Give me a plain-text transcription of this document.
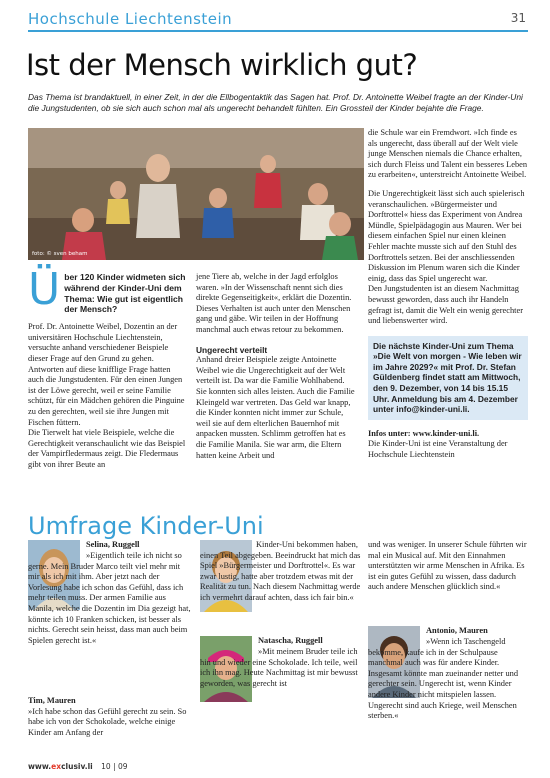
Hochschule Liechtenstein	31
Ist der Mensch wirklich gut?
Das Thema ist brandaktuell, in einer Zeit, in der die Ellbogentaktik das Sagen hat. Prof. Dr. Antoinette Weibel fragte an der Kinder-Uni die Jungstudenten, ob sie sich auch schon mal als ungerecht behandelt fühlten. Ein Grossteil der Kinder bejahte die Frage.
foto: © sven beham
Ü ber 120 Kinder widmeten sich während der Kinder-Uni dem Thema: Wie gut ist eigentlich der Mensch?

Prof. Dr. Antoinette Weibel, Dozentin an der universitären Hochschule Liechtenstein, versuchte anhand verschiedener Beispiele dieser Frage auf den Grund zu gehen. Antworten auf diese knifflige Frage hatten auch die Jungstudenten. Für den einen Jungen ist der Löwe gerecht, weil er seine Familie schützt, für ein Mädchen gehören die Pinguine zu den gerechten, weil sie ihre Jungen mit Fischen füttern.

Die Tierwelt hat viele Beispiele, welche die Gerechtigkeit veranschaulicht wie das Beispiel der Vampirfledermaus zeigt. Die Fledermaus gibt von ihrer Beute an

jene Tiere ab, welche in der Jagd erfolglos waren. »In der Wissenschaft nennt sich dies direkte Gegenseitigkeit«, erklärt die Dozentin. Dieses Verhalten ist auch unter den Menschen gang und gäbe. Wir teilen in der Hoffnung manchmal auch etwas retour zu bekommen.

Ungerecht verteilt

Anhand dreier Beispiele zeigte Antoinette Weibel wie die Ungerechtigkeit auf der Welt verteilt ist. Da war die Familie Wohlhabend. Sie konnten sich alles leisten. Auch die Familie Kleingeld war vertreten. Das Geld war knapp, die Kinder konnten nicht immer zur Schule, weil sie auf dem elterlichen Bauernhof mit anpacken mussten. Schlimm getroffen hat es die Familie Manila. Sie war arm, die Eltern hatten keine Arbeit und

die Schule war ein Fremdwort. »Ich finde es als ungerecht, dass überall auf der Welt viele junge Menschen niemals die Chance erhalten, sich durch Fleiss und Talent ein besseres Leben zu erarbeiten«, unterstreicht Antoinette Weibel.

Die Ungerechtigkeit lässt sich auch spielerisch veranschaulichen. »Bürgermeister und Dorftrottel« hiess das Experiment von Andrea Mündle, Spielpädagogin aus Mauren. Wer bei diesem einfachen Spiel nur einen kleinen Fehler machte musste sich auf den Stuhl des Dorftrottels setzen. Bei der anschliessenden Diskussion im Plenum waren sich die Kinder einig, dass das Spiel ungerecht war.

Den Jungstudenten ist an diesem Nachmittag bewusst geworden, dass auch ihr Handeln gefragt ist, damit die Welt ein wenig gerechter und liebenswerter wird.

Die nächste Kinder-Uni zum Thema »Die Welt von morgen - Wie leben wir im Jahre 2029?« mit Prof. Dr. Stefan Güldenberg findet statt am Mittwoch, den 9. Dezember, von 14 bis 15.15 Uhr. Anmeldung bis am 4. Dezember unter info@kinder-uni.li.

Infos unter: www.kinder-uni.li.

Die Kinder-Uni ist eine Veranstaltung der Hochschule Liechtenstein

Umfrage Kinder-Uni

Selina, Ruggell

»Eigentlich teile ich nicht so gerne. Mein Bruder Marco teilt viel mehr mit mir als ich mit ihm. Aber jetzt nach der Vorlesung habe ich schon das Gefühl, dass ich mehr teilen muss. Der armen Familie aus Manila, welche die Dozentin im Dia gezeigt hat, könnte ich 10 Franken schicken, ist besser als nichts. Gerecht sein heisst, dass man auch beim Spielen gerecht ist.«

Tim, Mauren

»Ich habe schon das Gefühl gerecht zu sein. So habe ich von der Schokolade, welche einige Kinder am Anfang der

Kinder-Uni bekommen haben, einen Teil abgegeben. Beeindruckt hat mich das Spiel »Bürgermeister und Dorftrottel«. Es war zwar lustig, hatte aber trotzdem etwas mit der Realität zu tun. Nach diesem Nachmittag werde ich vermehrt darauf achten, dass ich fair bin.«

Natascha, Ruggell

»Mit meinem Bruder teile ich hin und wieder eine Schokolade. Ich teile, weil ich ihn mag. Heute Nachmittag ist mir bewusst geworden, was gerecht ist

und was weniger. In unserer Schule führten wir mal ein Musical auf. Mit den Einnahmen unterstützten wir arme Menschen in Afrika. Es ist ein gutes Gefühl zu wissen, dass dadurch auch andere Menschen glücklich sind.«

Antonio, Mauren

»Wenn ich Taschengeld bekomme, kaufe ich in der Schulpause manchmal auch was für andere Kinder. Insgesamt könnte man zueinander netter und gerechter sein. Ungerecht ist, wenn Kinder andere Kinder nicht mitspielen lassen. Ungerecht sind auch Kriege, weil Menschen sterben.«

www.exclusiv.li 10 | 09
